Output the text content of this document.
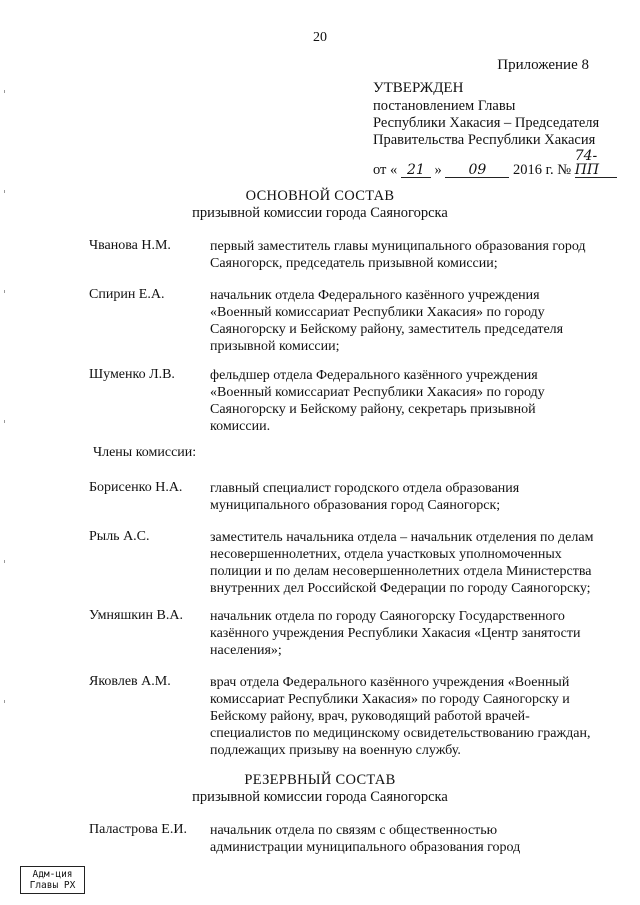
20
Приложение 8
УТВЕРЖДЕН
постановлением Главы
Республики Хакасия – Председателя
Правительства Республики Хакасия
от « 21 » 09 2016 г. № 74-ПП
ОСНОВНОЙ СОСТАВ
призывной комиссии города Саяногорска
Чванова Н.М.	первый заместитель главы муниципального образования город
Саяногорск, председатель призывной комиссии;
Спирин Е.А.	начальник отдела Федерального казённого учреждения
«Военный комиссариат Республики Хакасия» по городу
Саяногорску и Бейскому району, заместитель председателя
призывной комиссии;
Шуменко Л.В.	фельдшер отдела Федерального казённого учреждения
«Военный комиссариат Республики Хакасия» по городу
Саяногорску и Бейскому району, секретарь призывной
комиссии.
Члены комиссии:
Борисенко Н.А.	главный специалист городского отдела образования
муниципального образования город Саяногорск;
Рыль А.С.	заместитель начальника отдела – начальник отделения по делам
несовершеннолетних, отдела участковых уполномоченных
полиции и по делам несовершеннолетних отдела Министерства
внутренних дел Российской Федерации по городу Саяногорску;
Умняшкин В.А.	начальник отдела по городу Саяногорску Государственного
казённого учреждения Республики Хакасия «Центр занятости
населения»;
Яковлев А.М.	врач отдела Федерального казённого учреждения «Военный
комиссариат Республики Хакасия» по городу Саяногорску и
Бейскому району, врач, руководящий работой врачей-
специалистов по медицинскому освидетельствованию граждан,
подлежащих призыву на военную службу.
РЕЗЕРВНЫЙ СОСТАВ
призывной комиссии города Саяногорска
Паластрова Е.И.	начальник отдела по связям с общественностью
администрации муниципального образования город
Адм-ция
Главы РХ
